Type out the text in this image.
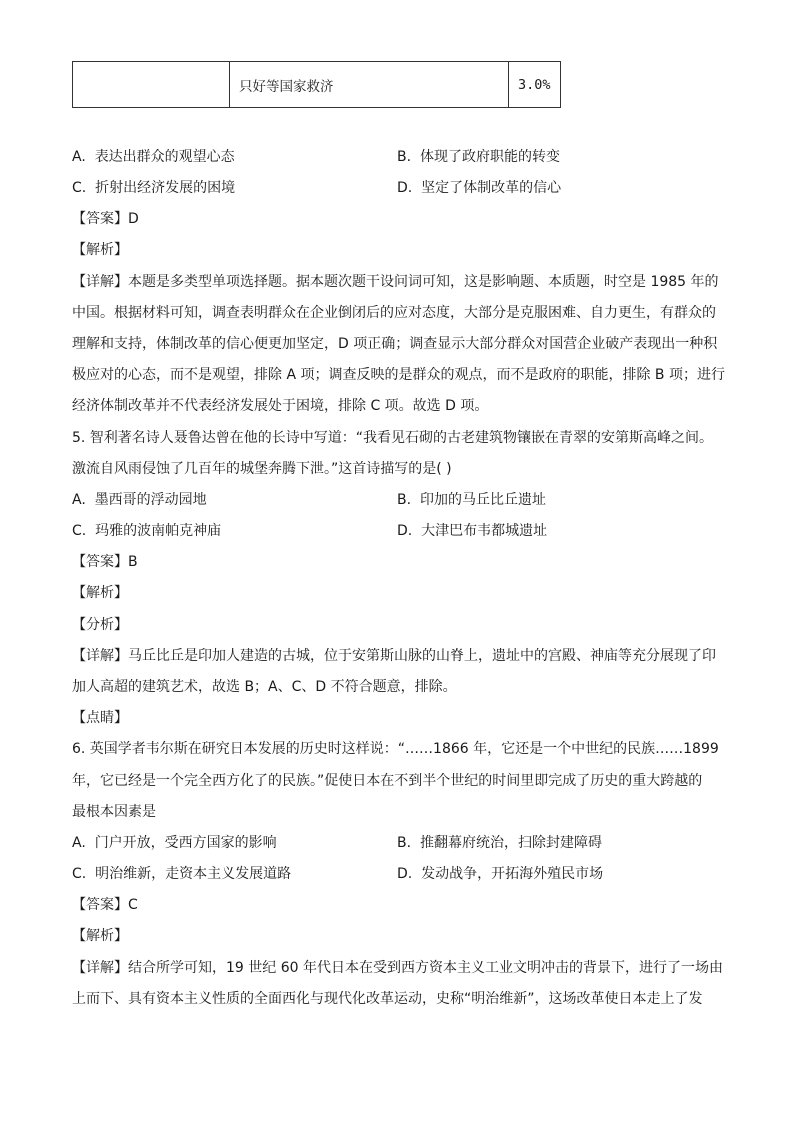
	只好等国家救济	3.0%
A. 表达出群众的观望心态	B. 体现了政府职能的转变
C. 折射出经济发展的困境	D. 坚定了体制改革的信心
【答案】D
【解析】
【详解】本题是多类型单项选择题。据本题次题干设问词可知，这是影响题、本质题，时空是 1985 年的
中国。根据材料可知，调查表明群众在企业倒闭后的应对态度，大部分是克服困难、自力更生，有群众的
理解和支持，体制改革的信心便更加坚定，D 项正确；调查显示大部分群众对国营企业破产表现出一种积
极应对的心态，而不是观望，排除 A 项；调查反映的是群众的观点，而不是政府的职能，排除 B 项；进行
经济体制改革并不代表经济发展处于困境，排除 C 项。故选 D 项。
5. 智利著名诗人聂鲁达曾在他的长诗中写道：“我看见石砌的古老建筑物镶嵌在青翠的安第斯高峰之间。
激流自风雨侵蚀了几百年的城堡奔腾下泄。”这首诗描写的是( )
A. 墨西哥的浮动园地	B. 印加的马丘比丘遗址
C. 玛雅的波南帕克神庙	D. 大津巴布韦都城遗址
【答案】B
【解析】
【分析】
【详解】马丘比丘是印加人建造的古城，位于安第斯山脉的山脊上，遗址中的宫殿、神庙等充分展现了印
加人高超的建筑艺术，故选 B；A、C、D 不符合题意，排除。
【点睛】
6. 英国学者韦尔斯在研究日本发展的历史时这样说：“……1866 年，它还是一个中世纪的民族……1899
年，它已经是一个完全西方化了的民族。”促使日本在不到半个世纪的时间里即完成了历史的重大跨越的
最根本因素是
A. 门户开放，受西方国家的影响	B. 推翻幕府统治，扫除封建障碍
C. 明治维新，走资本主义发展道路	D. 发动战争，开拓海外殖民市场
【答案】C
【解析】
【详解】结合所学可知，19 世纪 60 年代日本在受到西方资本主义工业文明冲击的背景下，进行了一场由
上而下、具有资本主义性质的全面西化与现代化改革运动，史称“明治维新”，这场改革使日本走上了发
